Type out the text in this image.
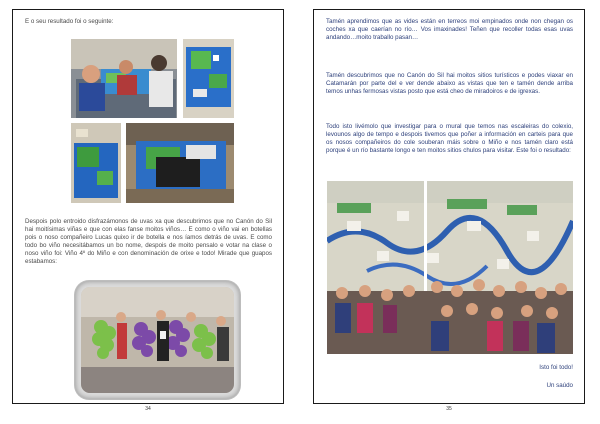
E o seu resultado foi o seguinte:
Despois polo entroido disfrazámonos de uvas xa que descubrimos que no Canón do Sil hai moitísimas viñas e que con elas fanse moitos viños… E como o viño vai en botellas pois o noso compañeiro Lucas quixo ir de botella e nos íamos detrás de uvas. E como todo bo viño necesitábamos un bo nome, despois de moito pensalo e votar na clase o noso viño foi: Viño 4º do Miño e con denominación de orixe e todo! Mirade que guapos estabamos:
34
Tamén aprendimos que as vides están en terreos moi empinados onde non chegan os coches xa que caerían no río… Vos imaxinades! Teñen que recoller todas esas uvas andando…moito traballo pasan…
Tamén descubrimos que no Canón do Sil hai moitos sitios turísticos e podes viaxar en Catamarán por parte del e ver dende abaixo as vistas que ten e tamén dende arriba temos unhas fermosas vistas posto que está cheo de miradoiros e de igrexas.
Todo isto livémolo que investigar para o mural que temos nas escaleiras do colexio, levounos algo de tempo e despois tivemos que poñer a información en carteis para que os nosos compañeiros do cole souberan máis sobre o Miño e nos tamén claro está porque é un río bastante longo e ten moitos sitios chulos para visitar. Este foi o resultado:
Isto foi todo!
Un saúdo
35
